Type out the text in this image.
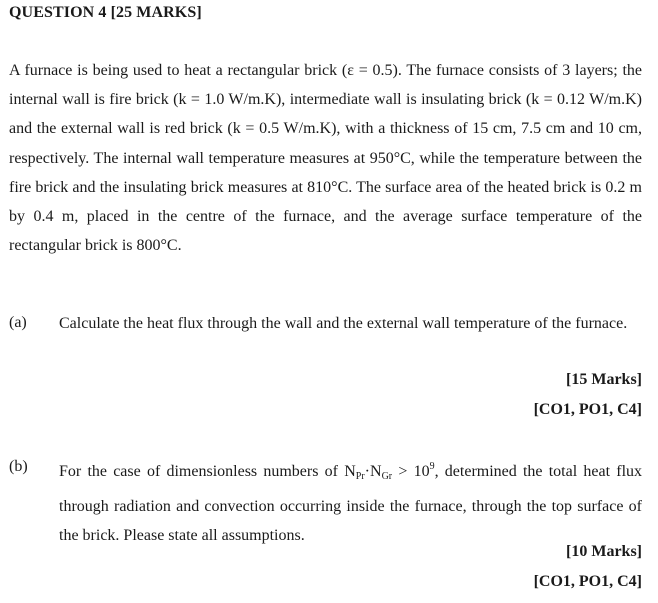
QUESTION 4 [25 MARKS]
A furnace is being used to heat a rectangular brick (ε = 0.5). The furnace consists of 3 layers; the internal wall is fire brick (k = 1.0 W/m.K), intermediate wall is insulating brick (k = 0.12 W/m.K) and the external wall is red brick (k = 0.5 W/m.K), with a thickness of 15 cm, 7.5 cm and 10 cm, respectively. The internal wall temperature measures at 950°C, while the temperature between the fire brick and the insulating brick measures at 810°C. The surface area of the heated brick is 0.2 m by 0.4 m, placed in the centre of the furnace, and the average surface temperature of the rectangular brick is 800°C.
(a) Calculate the heat flux through the wall and the external wall temperature of the furnace.
[15 Marks]
[CO1, PO1, C4]
(b) For the case of dimensionless numbers of $N_{Pr}\cdot N_{Gr} > 10^9$, determined the total heat flux through radiation and convection occurring inside the furnace, through the top surface of the brick. Please state all assumptions.
[10 Marks]
[CO1, PO1, C4]
